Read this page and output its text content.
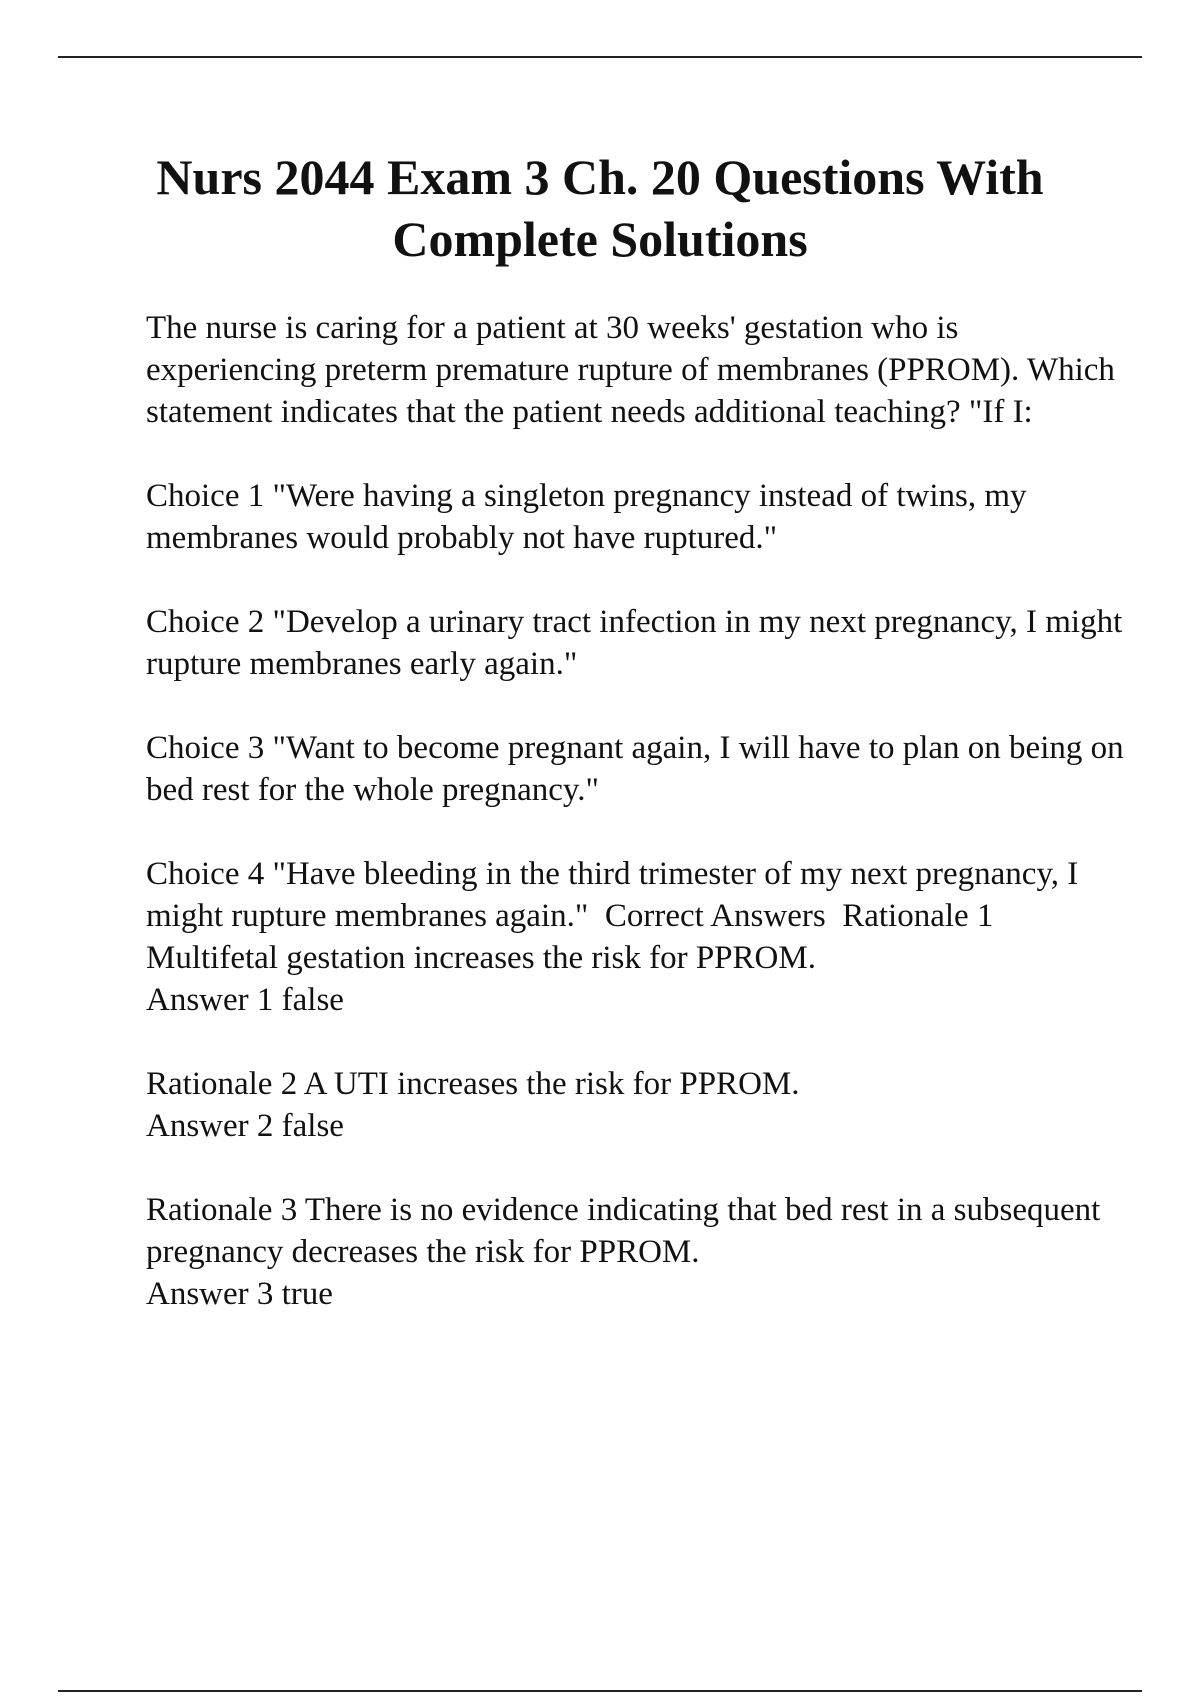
Nurs 2044 Exam 3 Ch. 20 Questions With Complete Solutions

The nurse is caring for a patient at 30 weeks' gestation who is experiencing preterm premature rupture of membranes (PPROM). Which statement indicates that the patient needs additional teaching? "If I:

Choice 1 "Were having a singleton pregnancy instead of twins, my membranes would probably not have ruptured."

Choice 2 "Develop a urinary tract infection in my next pregnancy, I might rupture membranes early again."

Choice 3 "Want to become pregnant again, I will have to plan on being on bed rest for the whole pregnancy."

Choice 4 "Have bleeding in the third trimester of my next pregnancy, I might rupture membranes again."  Correct Answers  Rationale 1 Multifetal gestation increases the risk for PPROM.

Answer 1 false

Rationale 2 A UTI increases the risk for PPROM.

Answer 2 false

Rationale 3 There is no evidence indicating that bed rest in a subsequent pregnancy decreases the risk for PPROM.

Answer 3 true
